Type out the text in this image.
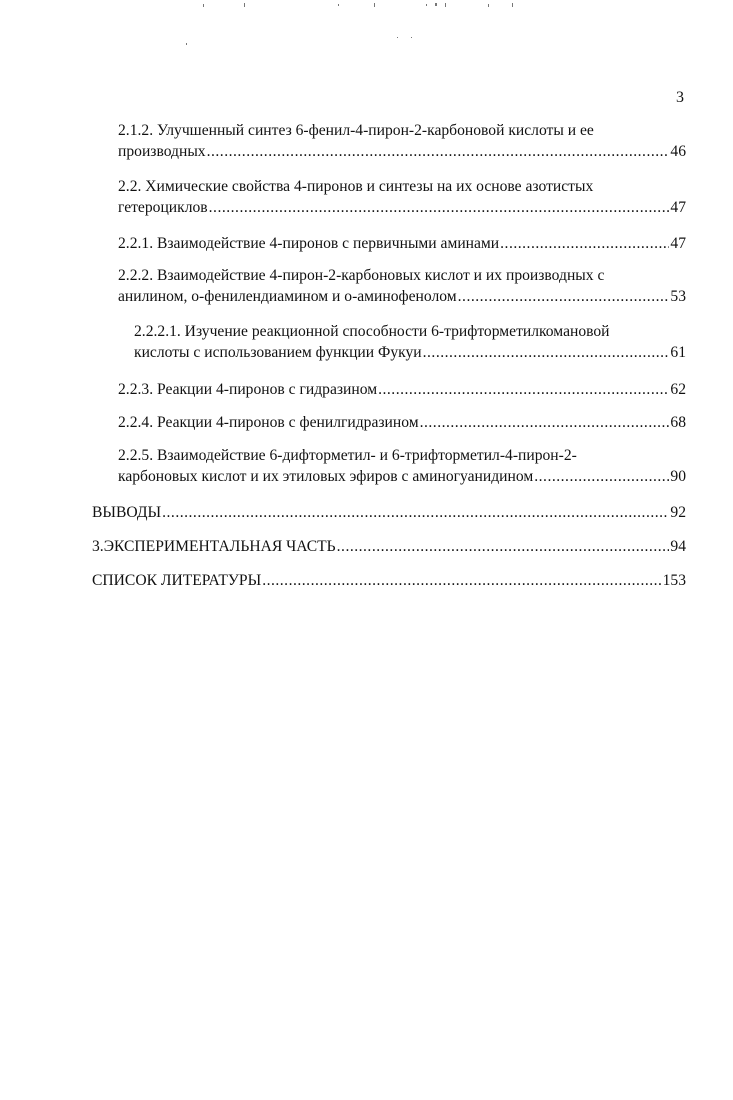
3
2.1.2. Улучшенный синтез 6-фенил-4-пирон-2-карбоновой кислоты и ее
производных .....	46
2.2. Химические свойства 4-пиронов и синтезы на их основе азотистых
гетероциклов .....	47
2.2.1. Взаимодействие 4-пиронов с первичными аминами .....	47
2.2.2. Взаимодействие 4-пирон-2-карбоновых кислот и их производных с
анилином, о-фенилендиамином и о-аминофенолом .....	53
2.2.2.1. Изучение реакционной способности 6-трифторметилкомановой
кислоты с использованием функции Фукуи .....	61
2.2.3. Реакции 4-пиронов с гидразином .....	62
2.2.4. Реакции 4-пиронов с фенилгидразином .....	68
2.2.5. Взаимодействие 6-дифторметил- и 6-трифторметил-4-пирон-2-
карбоновых кислот и их этиловых эфиров с аминогуанидином .....	90
ВЫВОДЫ .....	92
3.ЭКСПЕРИМЕНТАЛЬНАЯ ЧАСТЬ .....	94
СПИСОК ЛИТЕРАТУРЫ .....	153
